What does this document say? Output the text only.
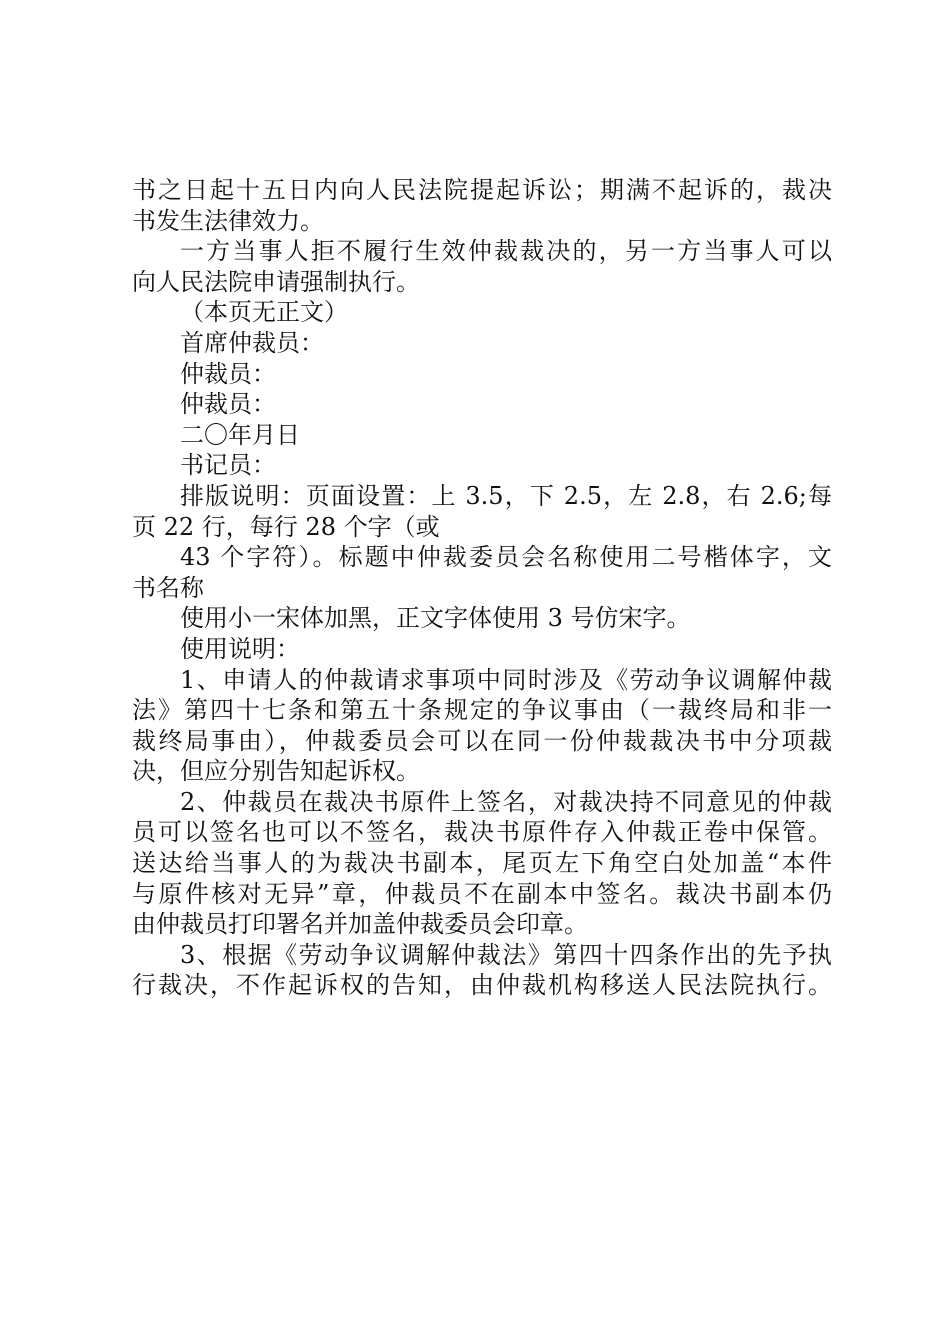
书之日起十五日内向人民法院提起诉讼；期满不起诉的，裁决
书发生法律效力。
一方当事人拒不履行生效仲裁裁决的，另一方当事人可以
向人民法院申请强制执行。
（本页无正文）
首席仲裁员：
仲裁员：
仲裁员：
二〇年月日
书记员：
排版说明：页面设置：上 3.5，下 2.5，左 2.8，右 2.6;每
页 22 行，每行 28 个字（或
43 个字符）。标题中仲裁委员会名称使用二号楷体字，文
书名称
使用小一宋体加黑，正文字体使用 3 号仿宋字。
使用说明：
1、申请人的仲裁请求事项中同时涉及《劳动争议调解仲裁
法》第四十七条和第五十条规定的争议事由（一裁终局和非一
裁终局事由），仲裁委员会可以在同一份仲裁裁决书中分项裁
决，但应分别告知起诉权。
2、仲裁员在裁决书原件上签名，对裁决持不同意见的仲裁
员可以签名也可以不签名，裁决书原件存入仲裁正卷中保管。
送达给当事人的为裁决书副本，尾页左下角空白处加盖“本件
与原件核对无异”章，仲裁员不在副本中签名。裁决书副本仍
由仲裁员打印署名并加盖仲裁委员会印章。
3、根据《劳动争议调解仲裁法》第四十四条作出的先予执
行裁决，不作起诉权的告知，由仲裁机构移送人民法院执行。
